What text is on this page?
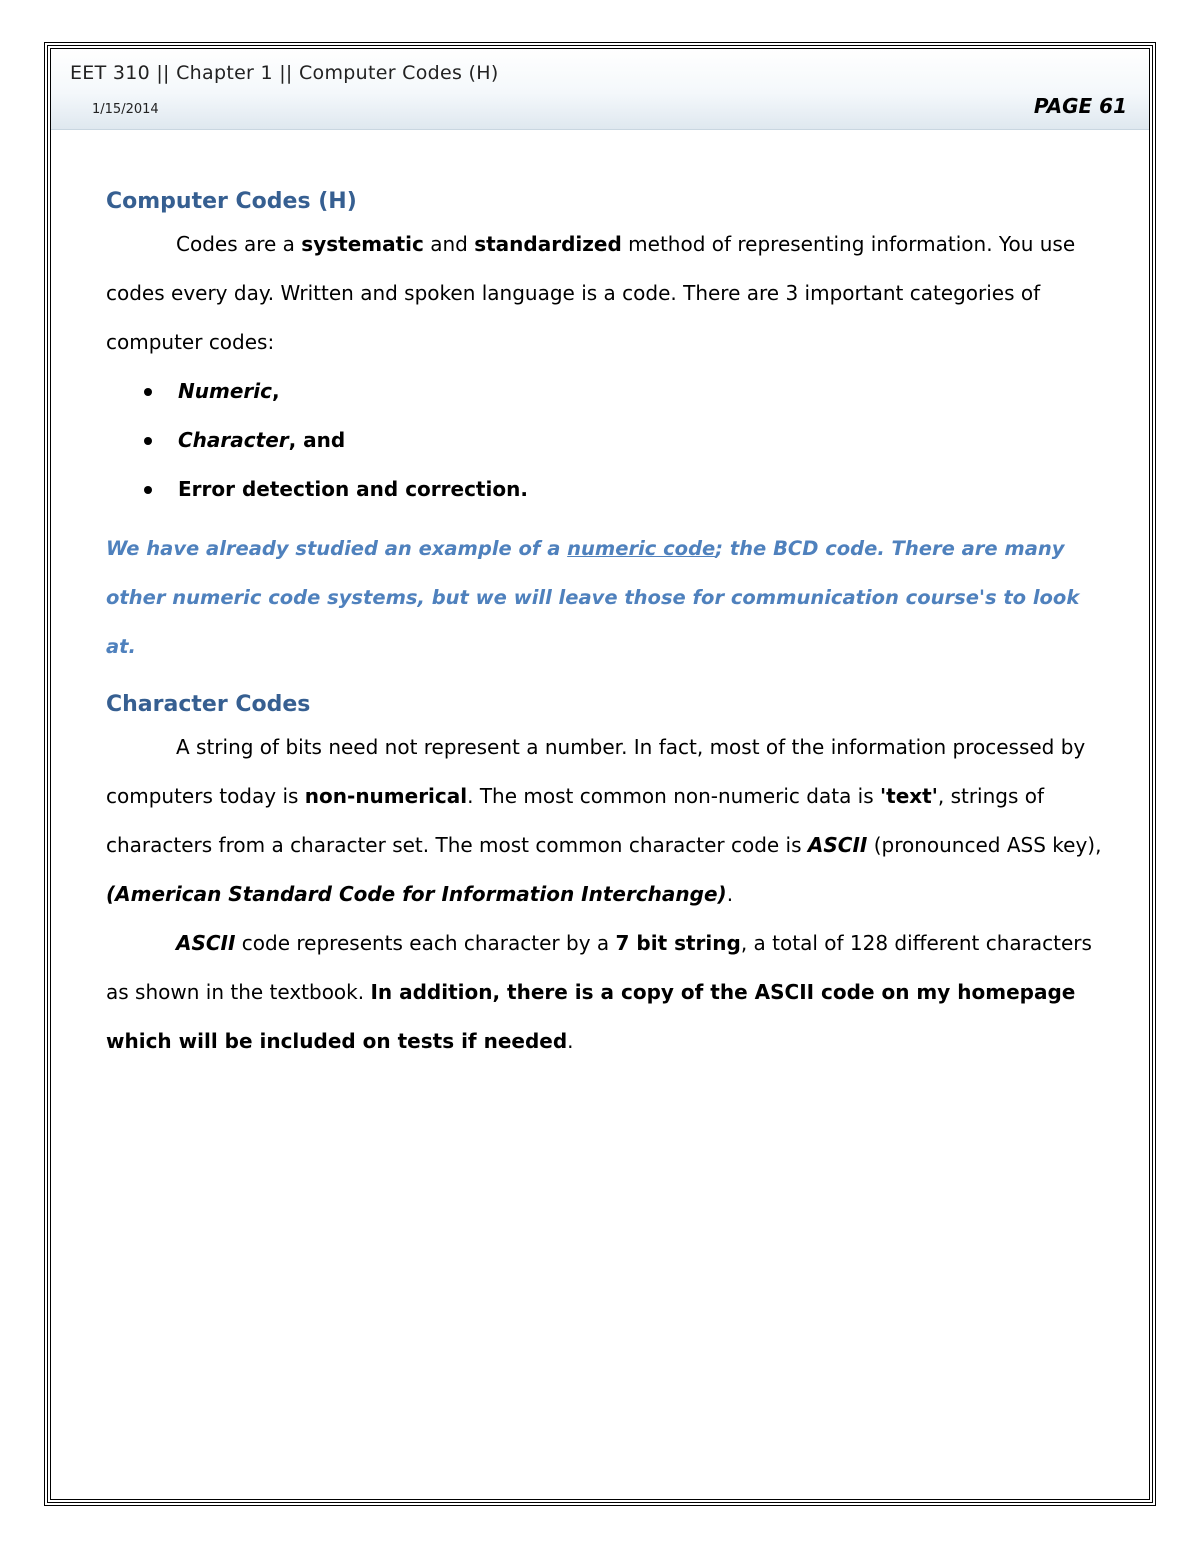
EET 310 || Chapter 1 || Computer Codes (H)
1/15/2014	PAGE 61
Computer Codes (H)

Codes are a systematic and standardized method of representing information. You use codes every day. Written and spoken language is a code. There are 3 important categories of computer codes:

Numeric,
Character, and
Error detection and correction.

We have already studied an example of a numeric code; the BCD code. There are many other numeric code systems, but we will leave those for communication course's to look at.

Character Codes

A string of bits need not represent a number. In fact, most of the information processed by computers today is non-numerical. The most common non-numeric data is 'text', strings of characters from a character set. The most common character code is ASCII (pronounced ASS key), (American Standard Code for Information Interchange).

ASCII code represents each character by a 7 bit string, a total of 128 different characters as shown in the textbook. In addition, there is a copy of the ASCII code on my homepage which will be included on tests if needed.
